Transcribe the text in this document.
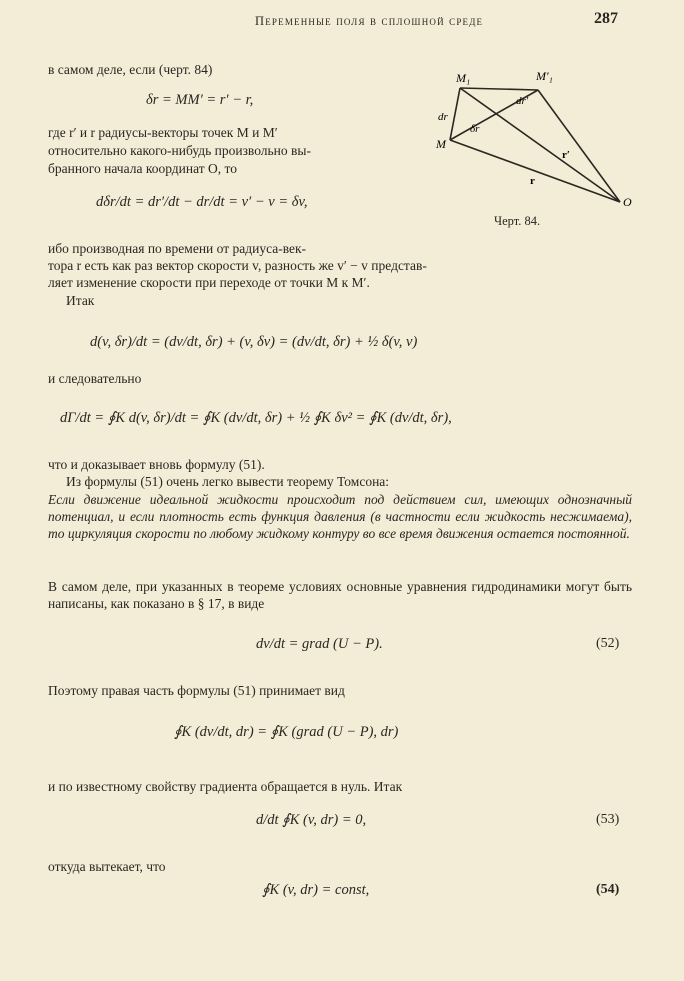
Переменные поля в сплошной среде	287
M₁	M′₁
M
O
dr
dr′
δr
r
r′
Черт. 84.
в самом деле, если (черт. 84)
δr = MM′ = r′ − r,
где r′ и r радиусы-векторы точек M и M′
относительно какого-нибудь произвольно вы-
бранного начала координат O, то
dδr/dt = dr′/dt − dr/dt = v′ − v = δv,
ибо производная по времени от радиуса-век-
тора r есть как раз вектор скорости v, разность же v′ − v представ-
ляет изменение скорости при переходе от точки M к M′.
Итак
d(v, δr)/dt = (dv/dt, δr) + (v, δv) = (dv/dt, δr) + ½ δ(v, v)
и следовательно
dΓ/dt = ∮K d(v, δr)/dt = ∮K (dv/dt, δr) + ½ ∮K δv² = ∮K (dv/dt, δr),
что и доказывает вновь формулу (51).
Из формулы (51) очень легко вывести теорему Томсона:
Если движение идеальной жидкости происходит под действием сил, имеющих однозначный потенциал, и если плотность есть функция давления (в частности если жидкость несжимаема), то циркуляция скорости по любому жидкому контуру во все время движения остается постоянной.
В самом деле, при указанных в теореме условиях основные уравнения гидродинамики могут быть написаны, как показано в § 17, в виде
dv/dt = grad (U − P).	(52)
Поэтому правая часть формулы (51) принимает вид
∮K (dv/dt, dr) = ∮K (grad (U − P), dr)
и по известному свойству градиента обращается в нуль. Итак
d/dt ∮K (v, dr) = 0,	(53)
откуда вытекает, что
∮K (v, dr) = const,	(54)
